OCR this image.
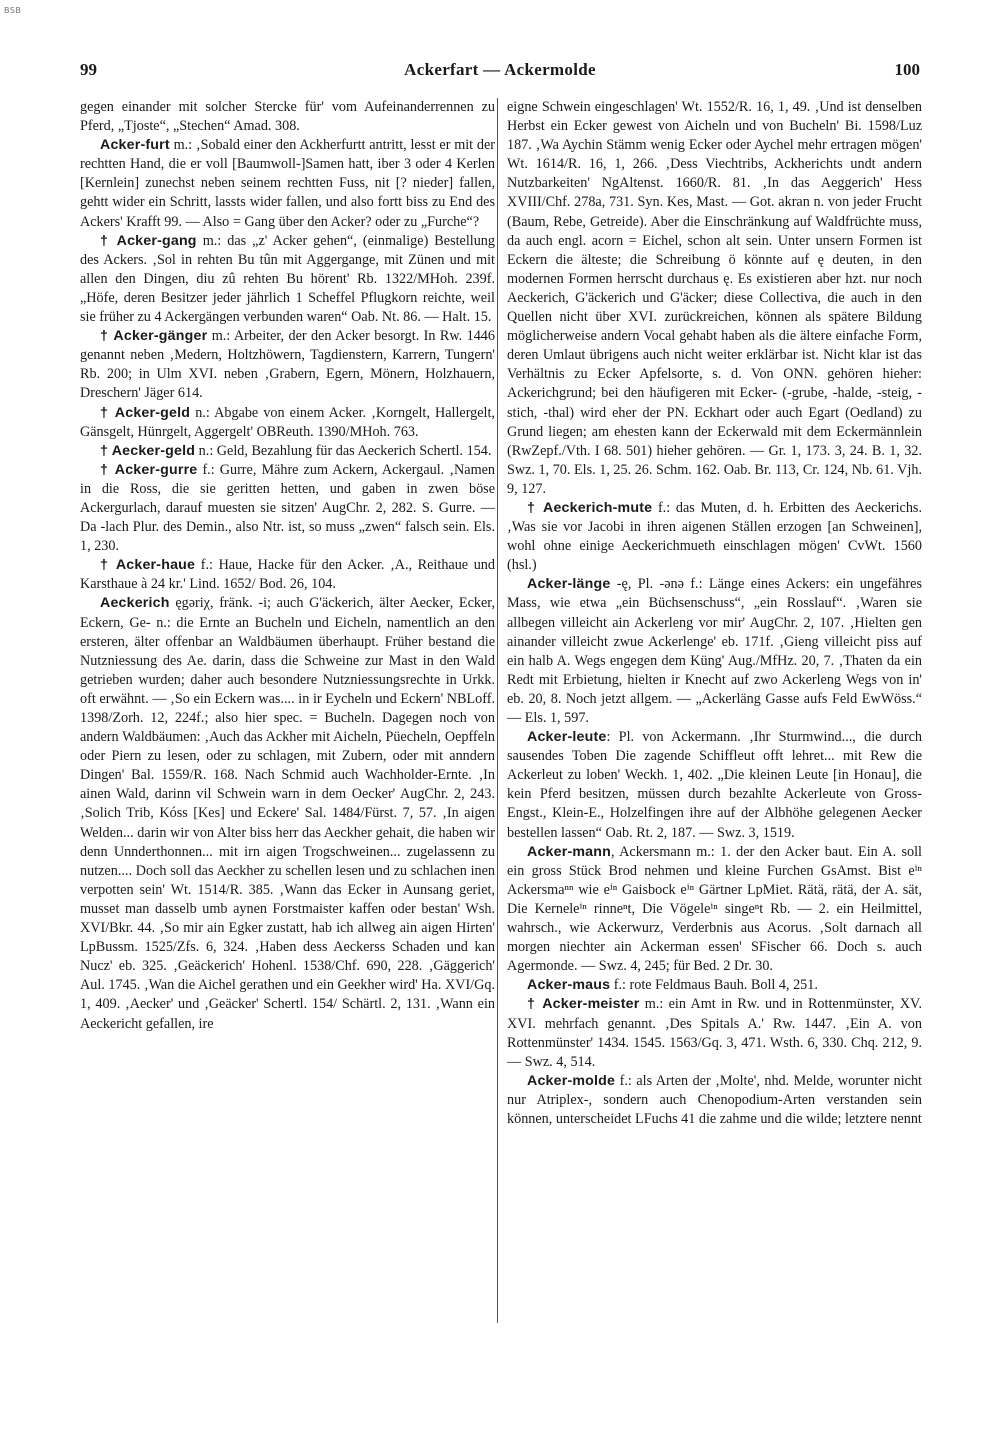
BSB
99	Ackerfart — Ackermolde	100

gegen einander mit solcher Stercke für' vom Aufeinanderrennen zu Pferd, „Tjoste“, „Stechen“ Amad. 308.

Acker-furt m.: ‚Sobald einer den Ackherfurtt antritt, lesst er mit der rechtten Hand, die er voll [Baumwoll-]Samen hatt, iber 3 oder 4 Kerlen [Kernlein] zunechst neben seinem rechtten Fuss, nit [? nieder] fallen, gehtt wider ein Schritt, lassts wider fallen, und also fortt biss zu End des Ackers' Krafft 99. — Also = Gang über den Acker? oder zu „Furche“?

† Acker-gang m.: das „z' Acker gehen“, (einmalige) Bestellung des Ackers. ‚Sol in rehten Bu tûn mit Aggergange, mit Zünen und mit allen den Dingen, diu zû rehten Bu hörent' Rb. 1322/MHoh. 239f. „Höfe, deren Besitzer jeder jährlich 1 Scheffel Pflugkorn reichte, weil sie früher zu 4 Ackergängen verbunden waren“ Oab. Nt. 86. — Halt. 15.

† Acker-gänger m.: Arbeiter, der den Acker besorgt. In Rw. 1446 genannt neben ‚Medern, Holtzhöwern, Tagdienstern, Karrern, Tungern' Rb. 200; in Ulm XVI. neben ‚Grabern, Egern, Mönern, Holzhauern, Dreschern' Jäger 614.

† Acker-geld n.: Abgabe von einem Acker. ‚Korngelt, Hallergelt, Gänsgelt, Hünrgelt, Aggergelt' OBReuth. 1390/MHoh. 763.

† Aecker-geld n.: Geld, Bezahlung für das Aeckerich Schertl. 154.

† Acker-gurre f.: Gurre, Mähre zum Ackern, Ackergaul. ‚Namen in die Ross, die sie geritten hetten, und gaben in zwen böse Ackergurlach, darauf muesten sie sitzen' AugChr. 2, 282. S. Gurre. — Da -lach Plur. des Demin., also Ntr. ist, so muss „zwen“ falsch sein. Els. 1, 230.

† Acker-haue f.: Haue, Hacke für den Acker. ‚A., Reithaue und Karsthaue à 24 kr.' Lind. 1652/ Bod. 26, 104.

Aeckerich ęgəriχ, fränk. -i; auch G'äckerich, älter Aecker, Ecker, Eckern, Ge- n.: die Ernte an Bucheln und Eicheln, namentlich an den ersteren, älter offenbar an Waldbäumen überhaupt. Früher bestand die Nutzniessung des Ae. darin, dass die Schweine zur Mast in den Wald getrieben wurden; daher auch besondere Nutzniessungsrechte in Urkk. oft erwähnt. — ‚So ein Eckern was.... in ir Eycheln und Eckern' NBLoff. 1398/Zorh. 12, 224f.; also hier spec. = Bucheln. Dagegen noch von andern Waldbäumen: ‚Auch das Ackher mit Aicheln, Püecheln, Oepffeln oder Piern zu lesen, oder zu schlagen, mit Zubern, oder mit anndern Dingen' Bal. 1559/R. 168. Nach Schmid auch Wachholder-Ernte. ‚In ainen Wald, darinn vil Schwein warn in dem Oecker' AugChr. 2, 243. ‚Solich Trib, Kóss [Kes] und Eckere' Sal. 1484/Fürst. 7, 57. ‚In aigen Welden... darin wir von Alter biss herr das Aeckher gehait, die haben wir denn Unnderthonnen... mit irn aigen Trogschweinen... zugelassenn zu nutzen.... Doch soll das Aeckher zu schellen lesen und zu schlachen inen verpotten sein' Wt. 1514/R. 385. ‚Wann das Ecker in Aunsang geriet, musset man dasselb umb aynen Forstmaister kaffen oder bestan' Wsh. XVI/Bkr. 44. ‚So mir ain Egker zustatt, hab ich allweg ain aigen Hirten' LpBussm. 1525/Zfs. 6, 324. ‚Haben dess Aeckerss Schaden und kan Nucz' eb. 325. ‚Geäckerich' Hohenl. 1538/Chf. 690, 228. ‚Gäggerich' Aul. 1745. ‚Wan die Aichel gerathen und ein Geekher wird' Ha. XVI/Gq. 1, 409. ‚Aecker' und ‚Geäcker' Schertl. 154/ Schärtl. 2, 131. ‚Wann ein Aeckericht gefallen, ire

eigne Schwein eingeschlagen' Wt. 1552/R. 16, 1, 49. ‚Und ist denselben Herbst ein Ecker gewest von Aicheln und von Bucheln' Bi. 1598/Luz 187. ‚Wa Aychin Stämm wenig Ecker oder Aychel mehr ertragen mögen' Wt. 1614/R. 16, 1, 266. ‚Dess Viechtribs, Ackherichts undt andern Nutzbarkeiten' NgAltenst. 1660/R. 81. ‚In das Aeggerich' Hess XVIII/Chf. 278a, 731. Syn. Kes, Mast. — Got. akran n. von jeder Frucht (Baum, Rebe, Getreide). Aber die Einschränkung auf Waldfrüchte muss, da auch engl. acorn = Eichel, schon alt sein. Unter unsern Formen ist Eckern die älteste; die Schreibung ö könnte auf ę deuten, in den modernen Formen herrscht durchaus ę. Es existieren aber hzt. nur noch Aeckerich, G'äckerich und G'äcker; diese Collectiva, die auch in den Quellen nicht über XVI. zurückreichen, können als spätere Bildung möglicherweise andern Vocal gehabt haben als die ältere einfache Form, deren Umlaut übrigens auch nicht weiter erklärbar ist. Nicht klar ist das Verhältnis zu Ecker Apfelsorte, s. d. Von ONN. gehören hieher: Ackerichgrund; bei den häufigeren mit Ecker- (-grube, -halde, -steig, -stich, -thal) wird eher der PN. Eckhart oder auch Egart (Oedland) zu Grund liegen; am ehesten kann der Eckerwald mit dem Eckermännlein (RwZepf./Vth. I 68. 501) hieher gehören. — Gr. 1, 173. 3, 24. B. 1, 32. Swz. 1, 70. Els. 1, 25. 26. Schm. 162. Oab. Br. 113, Cr. 124, Nb. 61. Vjh. 9, 127.

† Aeckerich-mute f.: das Muten, d. h. Erbitten des Aeckerichs. ‚Was sie vor Jacobi in ihren aigenen Ställen erzogen [an Schweinen], wohl ohne einige Aeckerichmueth einschlagen mögen' CvWt. 1560 (hsl.)

Acker-länge -ę, Pl. -ənə f.: Länge eines Ackers: ein ungefähres Mass, wie etwa „ein Büchsenschuss“, „ein Rosslauf“. ‚Waren sie allbegen villeicht ain Ackerleng vor mir' AugChr. 2, 107. ‚Hielten gen ainander villeicht zwue Ackerlenge' eb. 171f. ‚Gieng villeicht piss auf ein halb A. Wegs engegen dem Küng' Aug./MfHz. 20, 7. ‚Thaten da ein Redt mit Erbietung, hielten ir Knecht auf zwo Ackerleng Wegs von in' eb. 20, 8. Noch jetzt allgem. — „Ackerläng Gasse aufs Feld EwWöss.“ — Els. 1, 597.

Acker-leute: Pl. von Ackermann. ‚Ihr Sturmwind..., die durch sausendes Toben Die zagende Schiffleut offt lehret... mit Rew die Ackerleut zu loben' Weckh. 1, 402. „Die kleinen Leute [in Honau], die kein Pferd besitzen, müssen durch bezahlte Ackerleute von Gross-Engst., Klein-E., Holzelfingen ihre auf der Albhöhe gelegenen Aecker bestellen lassen“ Oab. Rt. 2, 187. — Swz. 3, 1519.

Acker-mann, Ackersmann m.: 1. der den Acker baut. Ein A. soll ein gross Stück Brod nehmen und kleine Furchen GsAmst. Bist eⁱⁿ Ackersmaⁿⁿ wie eⁱⁿ Gaisbock eⁱⁿ Gärtner LpMiet. Rätä, rätä, der A. sät, Die Kerneleⁱⁿ rinneⁿt, Die Vögeleⁱⁿ singeⁿt Rb. — 2. ein Heilmittel, wahrsch., wie Ackerwurz, Verderbnis aus Acorus. ‚Solt darnach all morgen niechter ain Ackerman essen' SFischer 66. Doch s. auch Agermonde. — Swz. 4, 245; für Bed. 2 Dr. 30.

Acker-maus f.: rote Feldmaus Bauh. Boll 4, 251.

† Acker-meister m.: ein Amt in Rw. und in Rottenmünster, XV. XVI. mehrfach genannt. ‚Des Spitals A.' Rw. 1447. ‚Ein A. von Rottenmünster' 1434. 1545. 1563/Gq. 3, 471. Wsth. 6, 330. Chq. 212, 9. — Swz. 4, 514.

Acker-molde f.: als Arten der ‚Molte', nhd. Melde, worunter nicht nur Atriplex-, sondern auch Chenopodium-Arten verstanden sein können, unterscheidet LFuchs 41 die zahme und die wilde; letztere nennt
